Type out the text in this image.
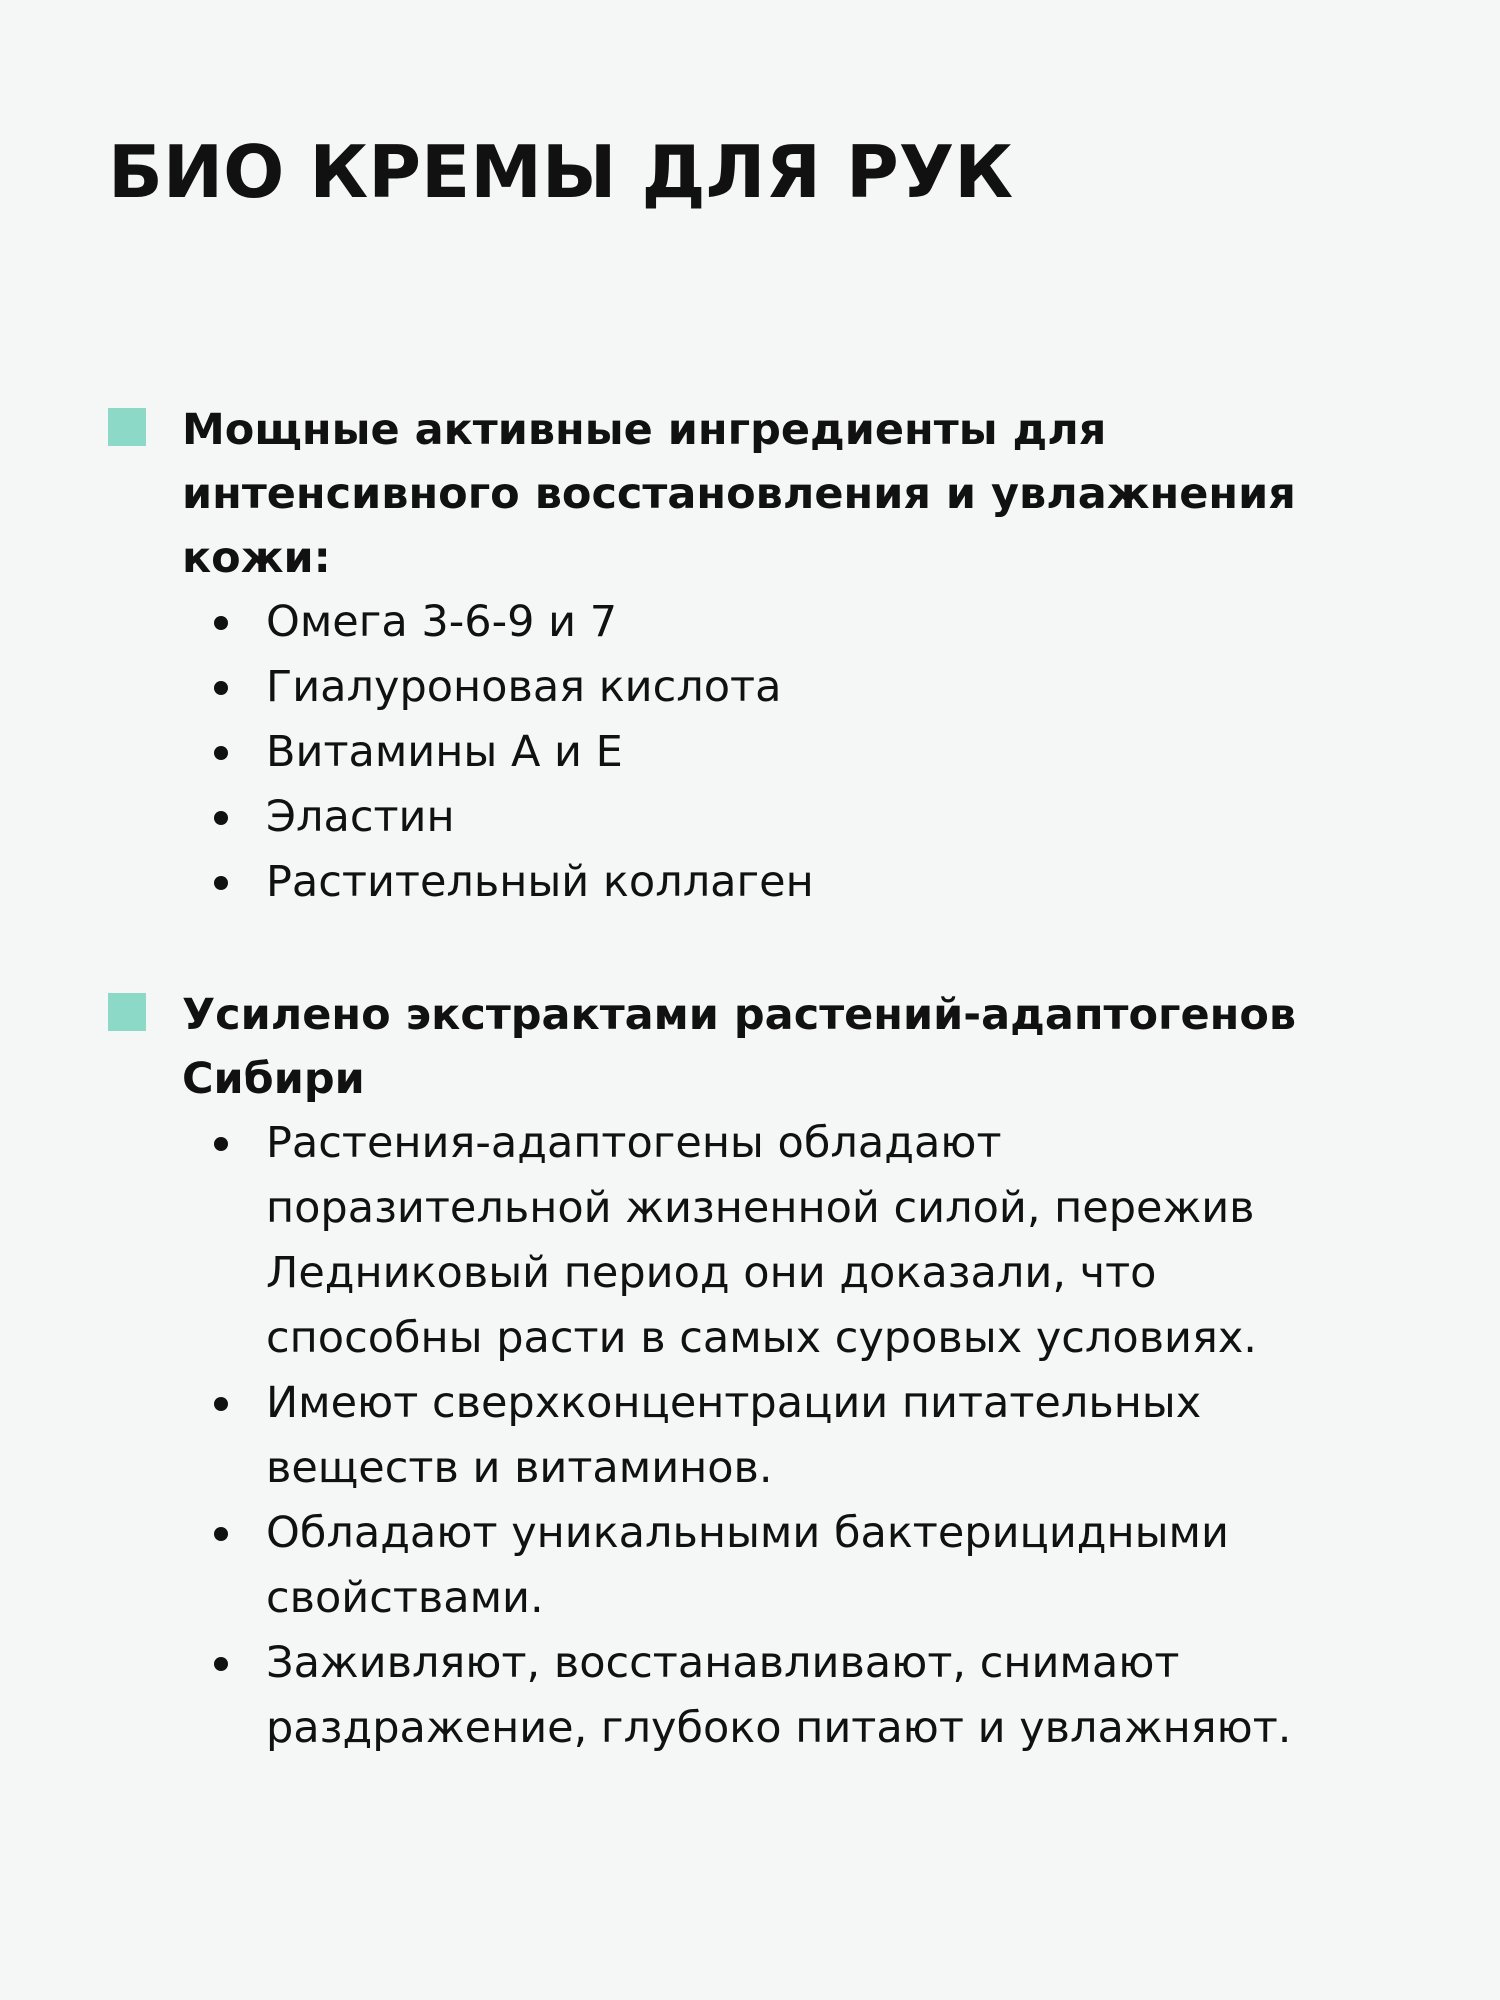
БИО КРЕМЫ ДЛЯ РУК
Мощные активные ингредиенты для интенсивного восстановления и увлажнения кожи:
Омега 3-6-9 и 7
Гиалуроновая кислота
Витамины А и Е
Эластин
Растительный коллаген
Усилено экстрактами растений-адаптогенов Сибири
Растения-адаптогены обладают поразительной жизненной силой, пережив Ледниковый период они доказали, что способны расти в самых суровых условиях.
Имеют сверхконцентрации питательных веществ и витаминов.
Обладают уникальными бактерицидными свойствами.
Заживляют, восстанавливают, снимают раздражение, глубоко питают и увлажняют.
